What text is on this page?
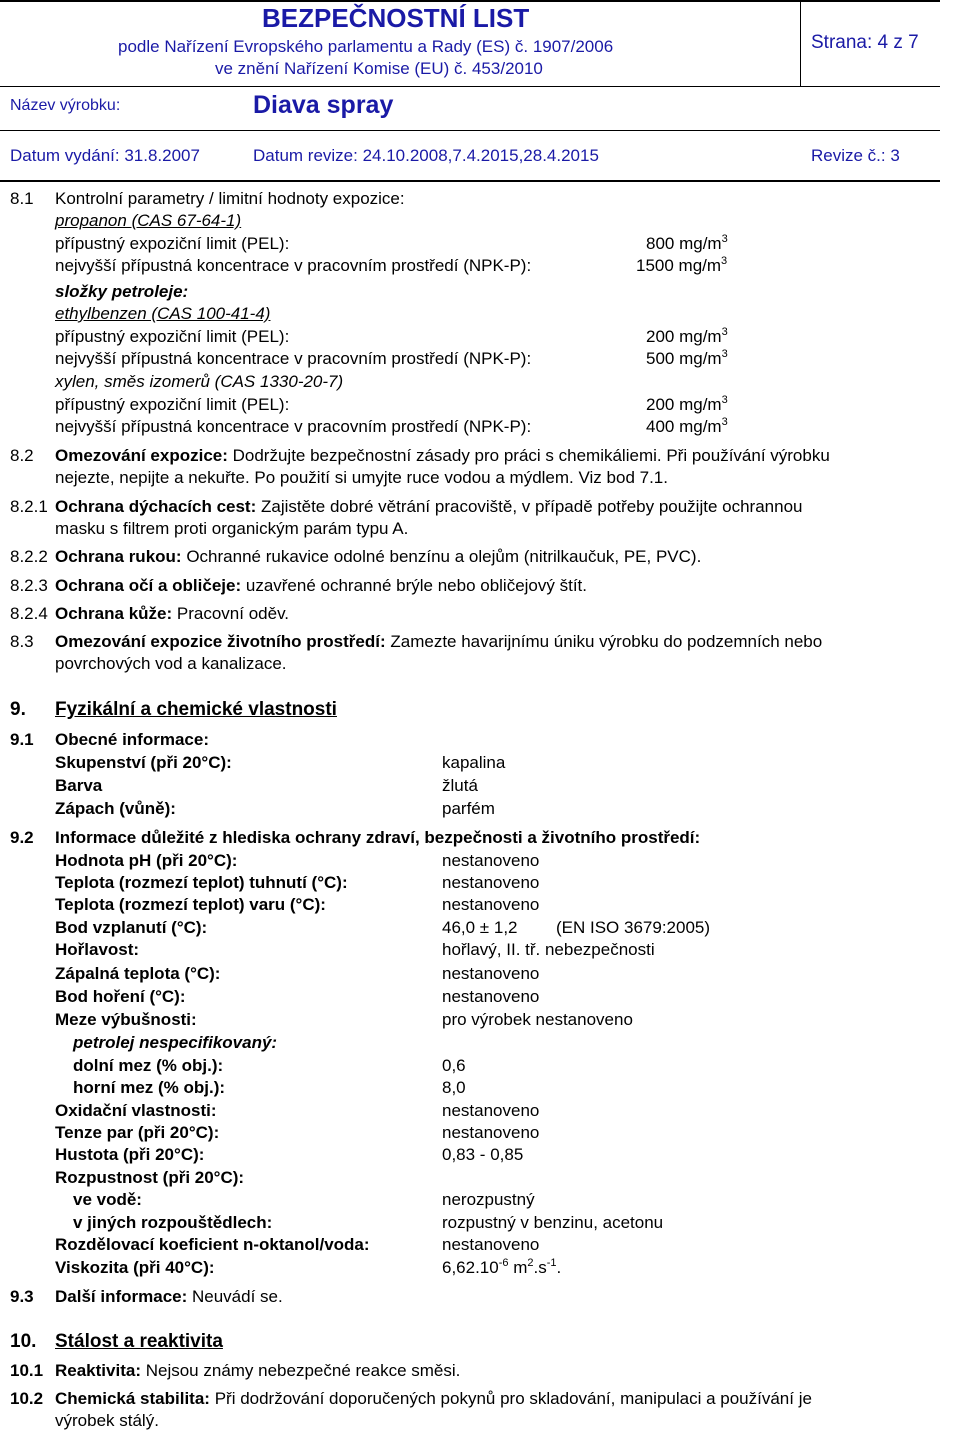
BEZPEČNOSTNÍ LIST
podle Nařízení Evropského parlamentu a Rady (ES) č. 1907/2006
ve znění Nařízení Komise (EU) č. 453/2010
Strana: 4 z 7
Název výrobku:	Diava spray
Datum vydání: 31.8.2007	Datum revize: 24.10.2008,7.4.2015,28.4.2015	Revize č.: 3
8.1 Kontrolní parametry / limitní hodnoty expozice:
propanon (CAS 67-64-1)
přípustný expoziční limit (PEL):	800 $mg/m^3$
nejvyšší přípustná koncentrace v pracovním prostředí (NPK-P):	1500 $mg/m^3$
složky petroleje:
ethylbenzen (CAS 100-41-4)
přípustný expoziční limit (PEL):	200 $mg/m^3$
nejvyšší přípustná koncentrace v pracovním prostředí (NPK-P):	500 $mg/m^3$
xylen, směs izomerů (CAS 1330-20-7)
přípustný expoziční limit (PEL):	200 $mg/m^3$
nejvyšší přípustná koncentrace v pracovním prostředí (NPK-P):	400 $mg/m^3$
8.2 Omezování expozice: Dodržujte bezpečnostní zásady pro práci s chemikáliemi. Při používání výrobku
nejezte, nepijte a nekuřte. Po použití si umyjte ruce vodou a mýdlem. Viz bod 7.1.
8.2.1 Ochrana dýchacích cest: Zajistěte dobré větrání pracoviště, v případě potřeby použijte ochrannou
masku s filtrem proti organickým parám typu A.
8.2.2 Ochrana rukou: Ochranné rukavice odolné benzínu a olejům (nitrilkaučuk, PE, PVC).
8.2.3 Ochrana očí a obličeje: uzavřené ochranné brýle nebo obličejový štít.
8.2.4 Ochrana kůže: Pracovní oděv.
8.3 Omezování expozice životního prostředí: Zamezte havarijnímu úniku výrobku do podzemních nebo
povrchových vod a kanalizace.
9. Fyzikální a chemické vlastnosti
9.1 Obecné informace:
Skupenství (při 20°C):	kapalina
Barva	žlutá
Zápach (vůně):	parfém
9.2 Informace důležité z hlediska ochrany zdraví, bezpečnosti a životního prostředí:
Hodnota pH (při 20°C):	nestanoveno
Teplota (rozmezí teplot) tuhnutí (°C):	nestanoveno
Teplota (rozmezí teplot) varu (°C):	nestanoveno
Bod vzplanutí (°C):	46,0 ± 1,2 (EN ISO 3679:2005)
Hořlavost:	hořlavý, II. tř. nebezpečnosti
Zápalná teplota (°C):	nestanoveno
Bod hoření (°C):	nestanoveno
Meze výbušnosti:	pro výrobek nestanoveno
petrolej nespecifikovaný:
dolní mez (% obj.):	0,6
horní mez (% obj.):	8,0
Oxidační vlastnosti:	nestanoveno
Tenze par (při 20°C):	nestanoveno
Hustota (při 20°C):	0,83 - 0,85
Rozpustnost (při 20°C):
ve vodě:	nerozpustný
v jiných rozpouštědlech:	rozpustný v benzinu, acetonu
Rozdělovací koeficient n-oktanol/voda:	nestanoveno
Viskozita (při 40°C):	$6,62.10^{-6}$ $m^2.s^{-1}$.
9.3 Další informace: Neuvádí se.
10. Stálost a reaktivita
10.1 Reaktivita: Nejsou známy nebezpečné reakce směsi.
10.2 Chemická stabilita: Při dodržování doporučených pokynů pro skladování, manipulaci a používání je
výrobek stálý.
